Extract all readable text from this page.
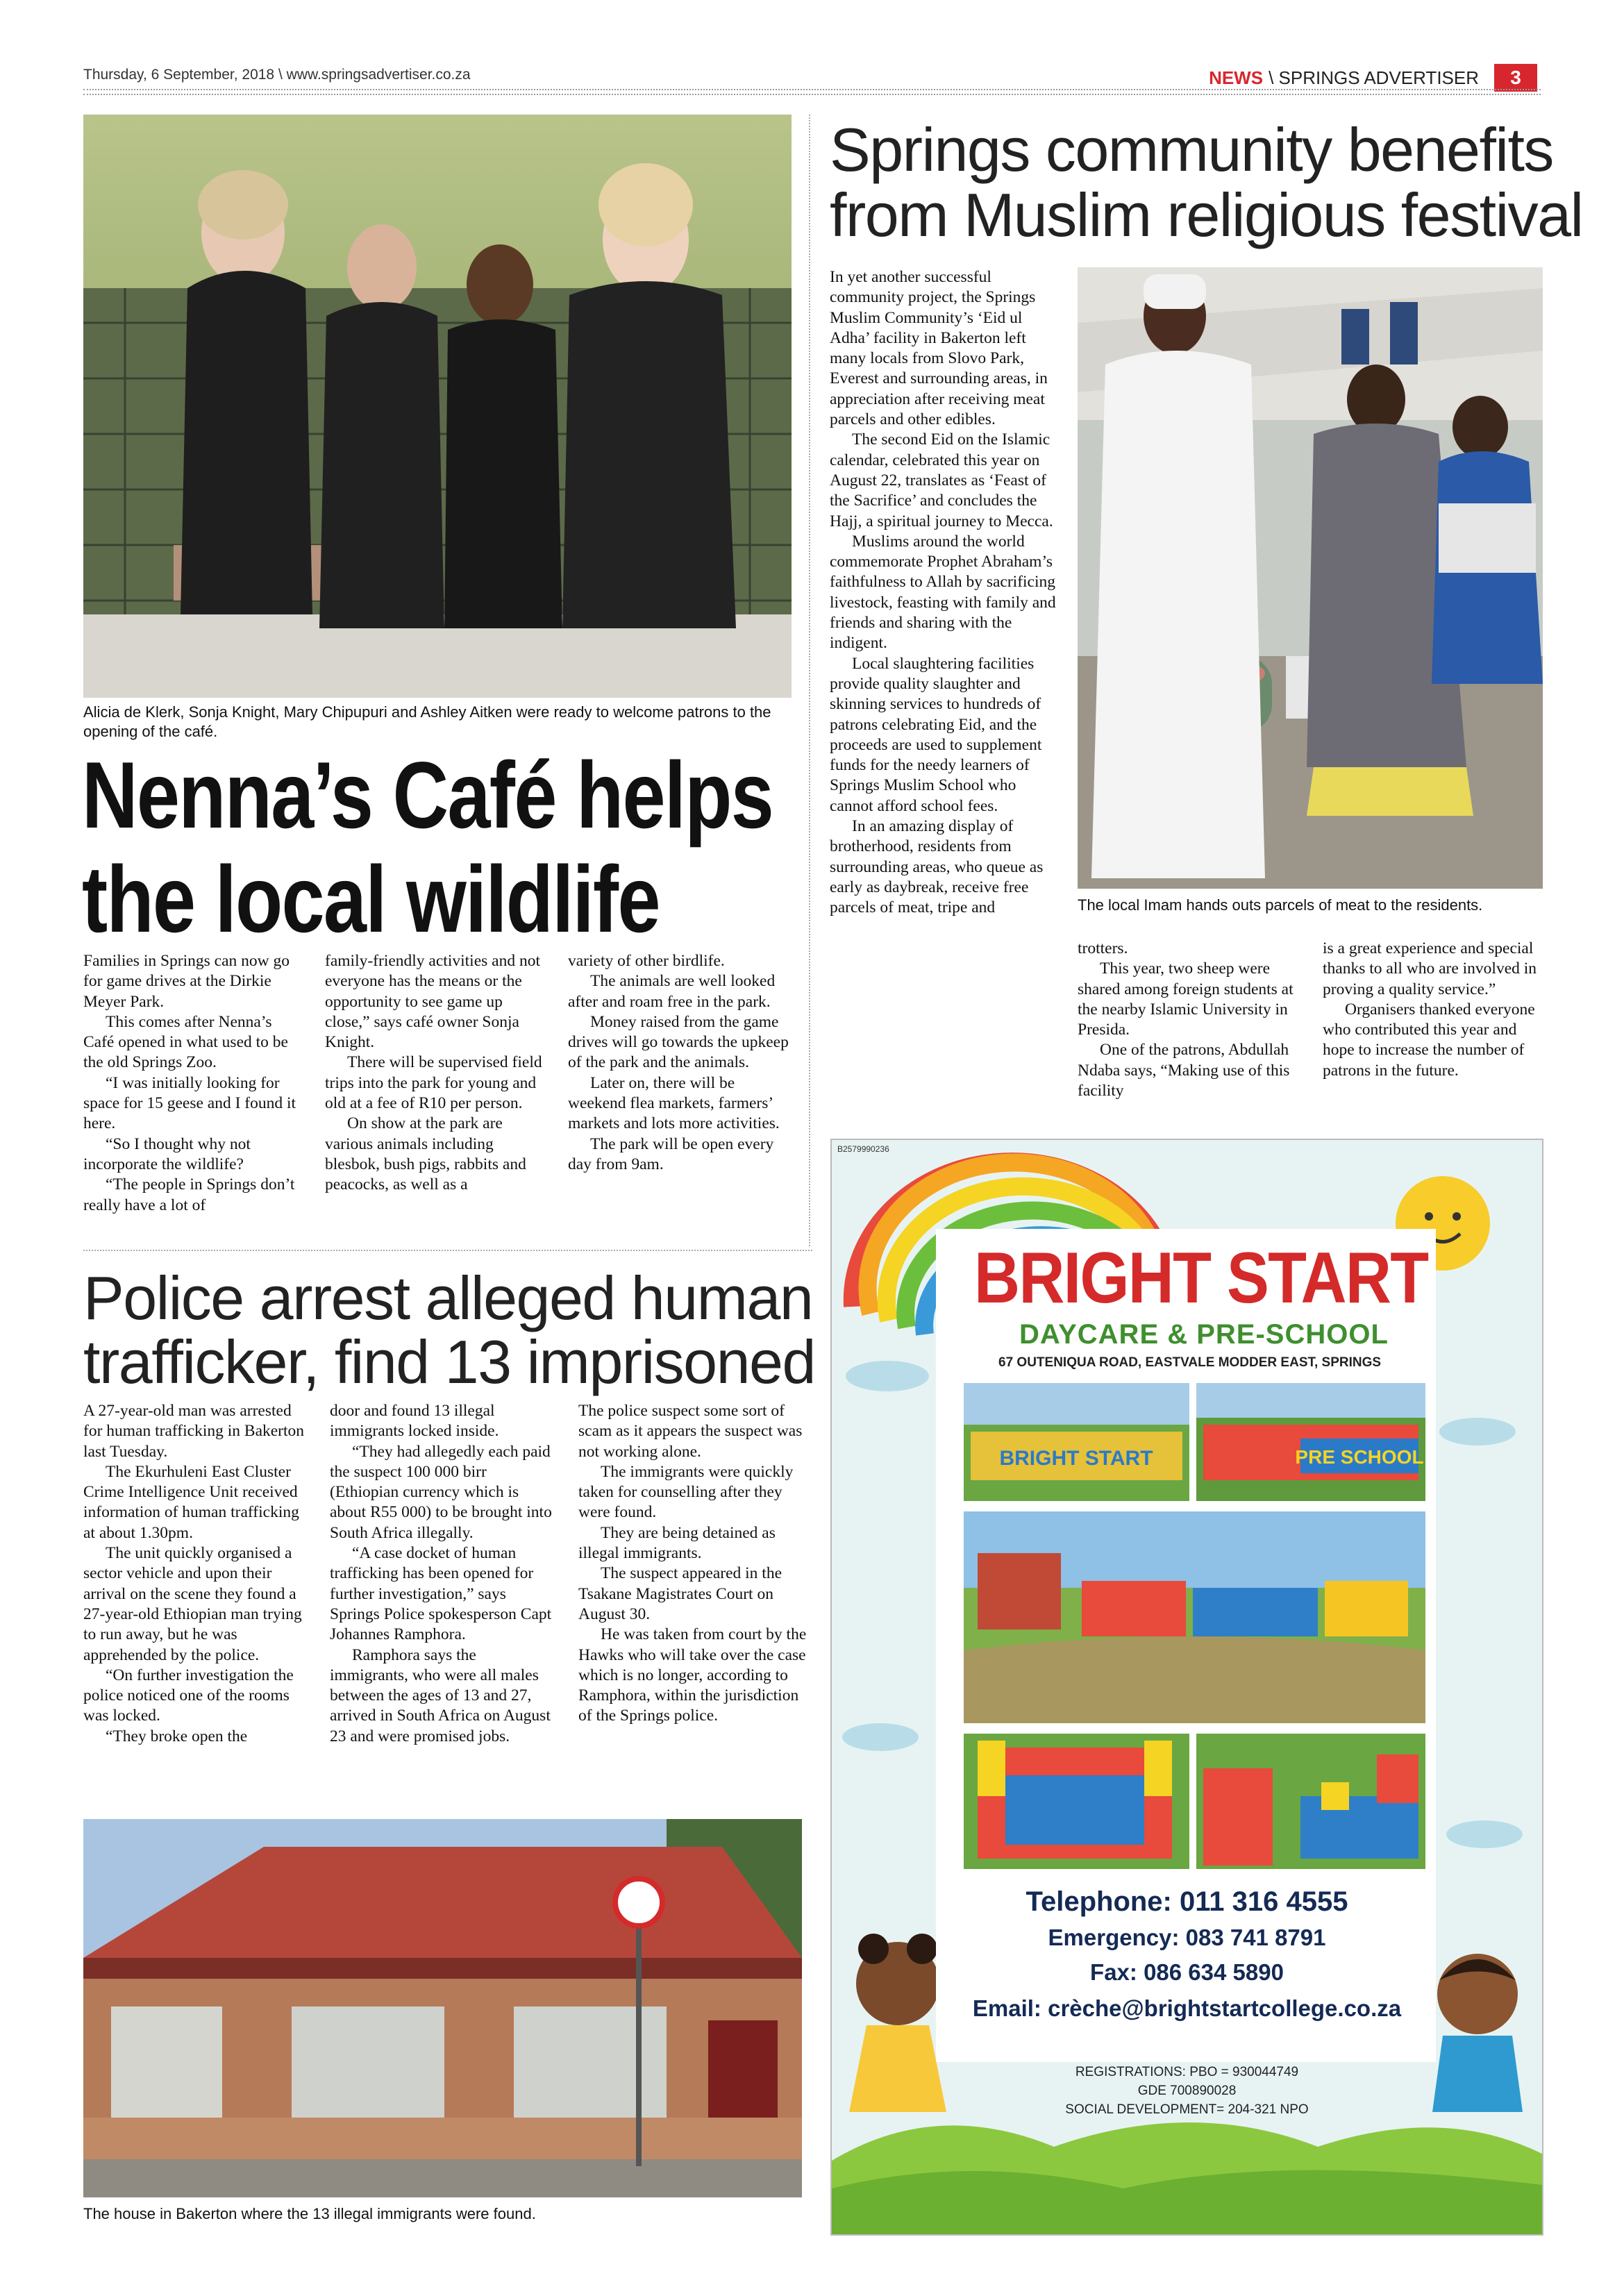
Thursday, 6 September, 2018 \ www.springsadvertiser.co.za	NEWS \ SPRINGS ADVERTISER	3
Alicia de Klerk, Sonja Knight, Mary Chipupuri and Ashley Aitken were ready to welcome patrons to the opening of the café.
Nenna’s Café helps
the local wildlife

Families in Springs can now go for game drives at the Dirkie Meyer Park.

This comes after Nenna’s Café opened in what used to be the old Springs Zoo.

“I was initially looking for space for 15 geese and I found it here.

“So I thought why not incorporate the wildlife?

“The people in Springs don’t really have a lot of

family-friendly activities and not everyone has the means or the opportunity to see game up close,” says café owner Sonja Knight.

There will be supervised field trips into the park for young and old at a fee of R10 per person.

On show at the park are various animals including blesbok, bush pigs, rabbits and peacocks, as well as a

variety of other birdlife.

The animals are well looked after and roam free in the park.

Money raised from the game drives will go towards the upkeep of the park and the animals.

Later on, there will be weekend flea markets, farmers’ markets and lots more activities.

The park will be open every day from 9am.

Springs community benefits
from Muslim religious festival

In yet another successful community project, the Springs Muslim Community’s ‘Eid ul Adha’ facility in Bakerton left many locals from Slovo Park, Everest and surrounding areas, in appreciation after receiving meat parcels and other edibles.

The second Eid on the Islamic calendar, celebrated this year on August 22, translates as ‘Feast of the Sacrifice’ and concludes the Hajj, a spiritual journey to Mecca.

Muslims around the world commemorate Prophet Abraham’s faithfulness to Allah by sacrificing livestock, feasting with family and friends and sharing with the indigent.

Local slaughtering facilities provide quality slaughter and skinning services to hundreds of patrons celebrating Eid, and the proceeds are used to supplement funds for the needy learners of Springs Muslim School who cannot afford school fees.

In an amazing display of brotherhood, residents from surrounding areas, who queue as early as daybreak, receive free parcels of meat, tripe and	The local Imam hands outs parcels of meat to the residents.

trotters.

This year, two sheep were shared among foreign students at the nearby Islamic University in Presida.

One of the patrons, Abdullah Ndaba says, “Making use of this facility

is a great experience and special thanks to all who are involved in proving a quality service.”

Organisers thanked everyone who contributed this year and hope to increase the number of patrons in the future.

Police arrest alleged human
trafficker, find 13 imprisoned

A 27-year-old man was arrested for human trafficking in Bakerton last Tuesday.

The Ekurhuleni East Cluster Crime Intelligence Unit received information of human trafficking at about 1.30pm.

The unit quickly organised a sector vehicle and upon their arrival on the scene they found a 27-year-old Ethiopian man trying to run away, but he was apprehended by the police.

“On further investigation the police noticed one of the rooms was locked.

“They broke open the

door and found 13 illegal immigrants locked inside.

“They had allegedly each paid the suspect 100 000 birr (Ethiopian currency which is about R55 000) to be brought into South Africa illegally.

“A case docket of human trafficking has been opened for further investigation,” says Springs Police spokesperson Capt Johannes Ramphora.

Ramphora says the immigrants, who were all males between the ages of 13 and 27, arrived in South Africa on August 23 and were promised jobs.

The police suspect some sort of scam as it appears the suspect was not working alone.

The immigrants were quickly taken for counselling after they were found.

They are being detained as illegal immigrants.

The suspect appeared in the Tsakane Magistrates Court on August 30.

He was taken from court by the Hawks who will take over the case which is no longer, according to Ramphora, within the jurisdiction of the Springs police.

The house in Bakerton where the 13 illegal immigrants were found.
B2579990236
BRIGHT START
DAYCARE & PRE-SCHOOL
67 OUTENIQUA ROAD, EASTVALE MODDER EAST, SPRINGS
BRIGHT START	PRE SCHOOL
Telephone: 011 316 4555
Emergency: 083 741 8791
Fax: 086 634 5890
Email: crèche@brightstartcollege.co.za
REGISTRATIONS: PBO = 930044749
GDE 700890028
SOCIAL DEVELOPMENT= 204-321 NPO
